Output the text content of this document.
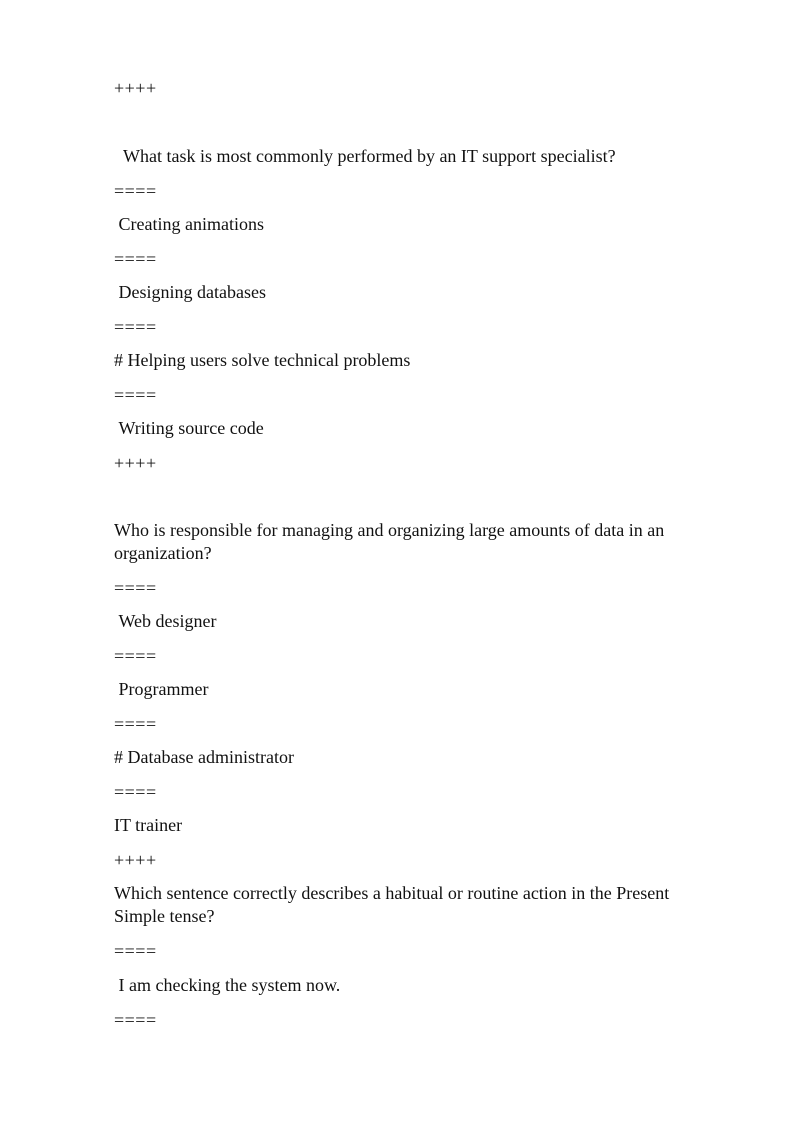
++++
What task is most commonly performed by an IT support specialist?
====
Creating animations
====
Designing databases
====
# Helping users solve technical problems
====
Writing source code
++++
Who is responsible for managing and organizing large amounts of data in an organization?
====
Web designer
====
Programmer
====
# Database administrator
====
IT trainer
++++
Which sentence correctly describes a habitual or routine action in the Present Simple tense?
====
I am checking the system now.
====
